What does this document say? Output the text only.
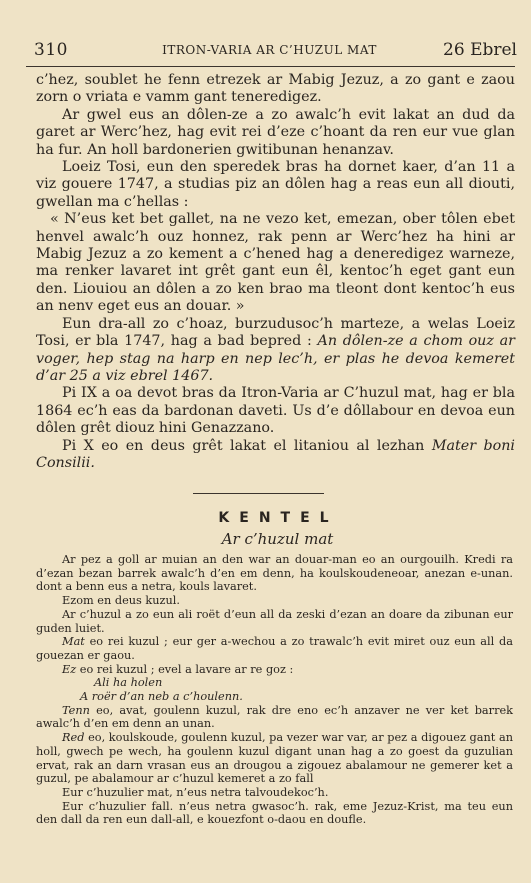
310	ITRON-VARIA AR C’HUZUL MAT	26 Ebrel

c’hez, soublet he fenn etrezek ar Mabig Jezuz, a zo gant e zaou zorn o vriata e vamm gant teneredigez.

Ar gwel eus an dôlen-ze a zo awalc’h evit lakat an dud da garet ar Werc’hez, hag evit rei d’eze c’hoant da ren eur vue glan ha fur. An holl bardonerien gwitibunan henanzav.

Loeiz Tosi, eun den speredek bras ha dornet kaer, d’an 11 a viz gouere 1747, a studias piz an dôlen hag a reas eun all diouti, gwellan ma c’hellas :

« N’eus ket bet gallet, na ne vezo ket, emezan, ober tôlen ebet henvel awalc’h ouz honnez, rak penn ar Werc’hez ha hini ar Mabig Jezuz a zo kement a c’hened hag a deneredigez warneze, ma renker lavaret int grêt gant eun êl, kentoc’h eget gant eun den. Liouiou an dôlen a zo ken brao ma tleont dont kentoc’h eus an nenv eget eus an douar. »

Eun dra-all zo c’hoaz, burzudusoc’h marteze, a welas Loeiz Tosi, er bla 1747, hag a bad bepred : An dôlen-ze a chom ouz ar voger, hep stag na harp en nep lec’h, er plas he devoa kemeret d’ar 25 a viz ebrel 1467.

Pi IX a oa devot bras da Itron-Varia ar C’huzul mat, hag er bla 1864 ec’h eas da bardonan daveti. Us d’e dôllabour en devoa eun dôlen grêt diouz hini Genazzano.

Pi X eo en deus grêt lakat el litaniou al lezhan Mater boni Consilii.

KENTEL
Ar c’huzul mat

Ar pez a goll ar muian an den war an douar-man eo an ourgouilh. Kredi ra d’ezan bezan barrek awalc’h d’en em denn, ha koulskoudeneoar, anezan e-unan. dont a benn eus a netra, kouls lavaret.

Ezom en deus kuzul.

Ar c’huzul a zo eun ali roët d’eun all da zeski d’ezan an doare da zibunan eur guden luiet.

Mat eo rei kuzul ; eur ger a-wechou a zo trawalc’h evit miret ouz eun all da gouezan er gaou.

Ez eo rei kuzul ; evel a lavare ar re goz :

Ali ha holen

A roër d’an neb a c’houlenn.

Tenn eo, avat, goulenn kuzul, rak dre eno ec’h anzaver ne ver ket barrek awalc’h d’en em denn an unan.

Red eo, koulskoude, goulenn kuzul, pa vezer war var, ar pez a digouez gant an holl, gwech pe wech, ha goulenn kuzul digant unan hag a zo goest da guzulian ervat, rak an darn vrasan eus an drougou a zigouez abalamour ne gemerer ket a guzul, pe abalamour ar c’huzul kemeret a zo fall

Eur c’huzulier mat, n’eus netra talvoudekoc’h.

Eur c’huzulier fall. n’eus netra gwasoc’h. rak, eme Jezuz-Krist, ma teu eun den dall da ren eun dall-all, e kouezfont o-daou en doufle.
